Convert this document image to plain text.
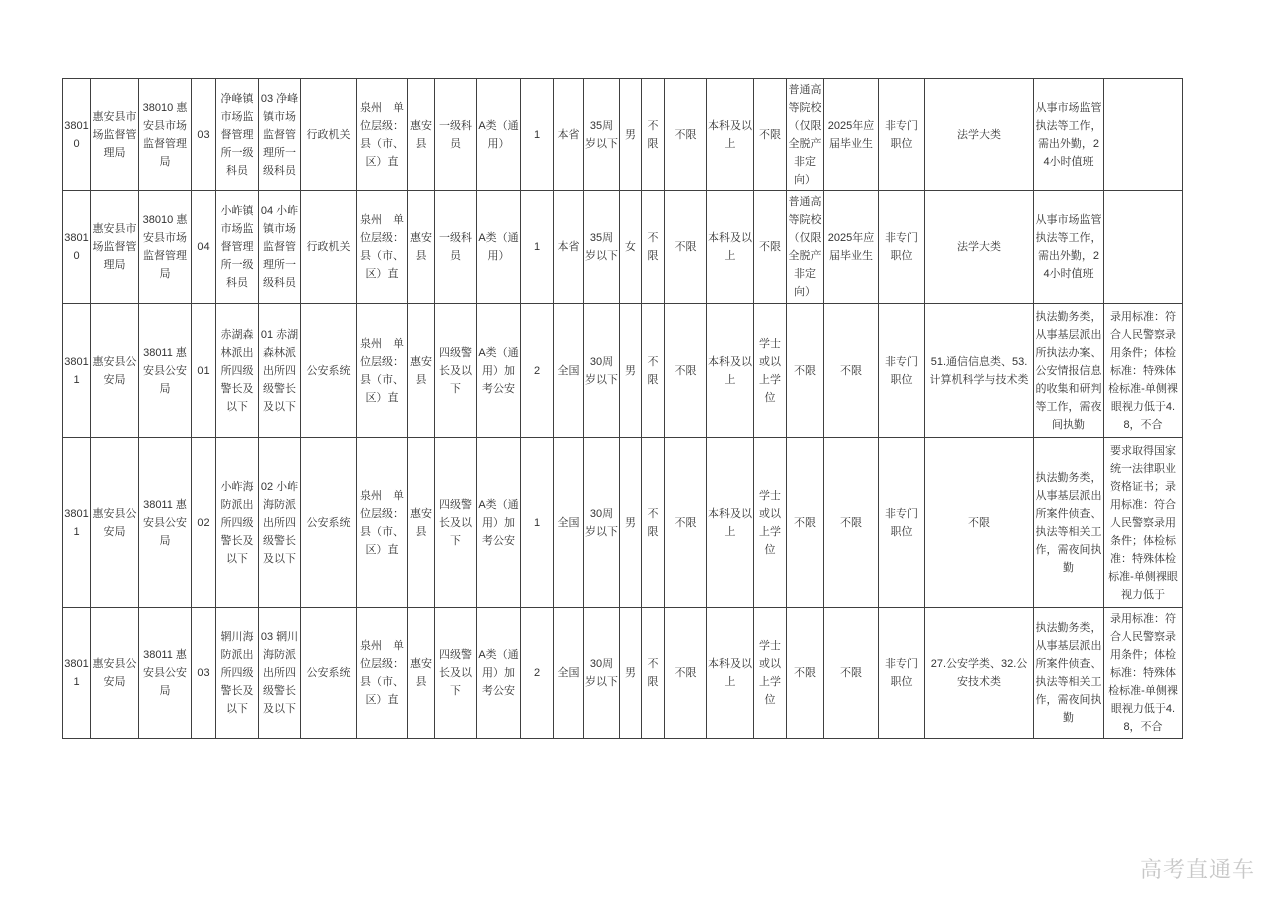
38010	惠安县市场监督管理局	38010 惠安县市场监督管理局	03	净峰镇市场监督管理所一级科员	03 净峰镇市场监督管理所一级科员	行政机关	泉州　单位层级：县（市、区）直	惠安县	一级科员	A类（通用）	1	本省	35周岁以下	男	不限	不限	本科及以上	不限	普通高等院校（仅限全脱产非定向）	2025年应届毕业生	非专门职位	法学大类	从事市场监管执法等工作，需出外勤，24小时值班	
38010	惠安县市场监督管理局	38010 惠安县市场监督管理局	04	小岞镇市场监督管理所一级科员	04 小岞镇市场监督管理所一级科员	行政机关	泉州　单位层级：县（市、区）直	惠安县	一级科员	A类（通用）	1	本省	35周岁以下	女	不限	不限	本科及以上	不限	普通高等院校（仅限全脱产非定向）	2025年应届毕业生	非专门职位	法学大类	从事市场监管执法等工作，需出外勤，24小时值班	
38011	惠安县公安局	38011 惠安县公安局	01	赤湖森林派出所四级警长及以下	01 赤湖森林派出所四级警长及以下	公安系统	泉州　单位层级：县（市、区）直	惠安县	四级警长及以下	A类（通用）加考公安	2	全国	30周岁以下	男	不限	不限	本科及以上	学士或以上学位	不限	不限	非专门职位	51.通信信息类、53.计算机科学与技术类	执法勤务类，从事基层派出所执法办案、公安情报信息的收集和研判等工作，需夜间执勤	录用标准：符合人民警察录用条件；体检标准：特殊体检标准-单侧裸眼视力低于4.8，不合
38011	惠安县公安局	38011 惠安县公安局	02	小岞海防派出所四级警长及以下	02 小岞海防派出所四级警长及以下	公安系统	泉州　单位层级：县（市、区）直	惠安县	四级警长及以下	A类（通用）加考公安	1	全国	30周岁以下	男	不限	不限	本科及以上	学士或以上学位	不限	不限	非专门职位	不限	执法勤务类，从事基层派出所案件侦查、执法等相关工作，需夜间执勤	要求取得国家统一法律职业资格证书；录用标准：符合人民警察录用条件；体检标准：特殊体检标准-单侧裸眼视力低于
38011	惠安县公安局	38011 惠安县公安局	03	辋川海防派出所四级警长及以下	03 辋川海防派出所四级警长及以下	公安系统	泉州　单位层级：县（市、区）直	惠安县	四级警长及以下	A类（通用）加考公安	2	全国	30周岁以下	男	不限	不限	本科及以上	学士或以上学位	不限	不限	非专门职位	27.公安学类、32.公安技术类	执法勤务类，从事基层派出所案件侦查、执法等相关工作，需夜间执勤	录用标准：符合人民警察录用条件；体检标准：特殊体检标准-单侧裸眼视力低于4.8，不合
高考直通车
